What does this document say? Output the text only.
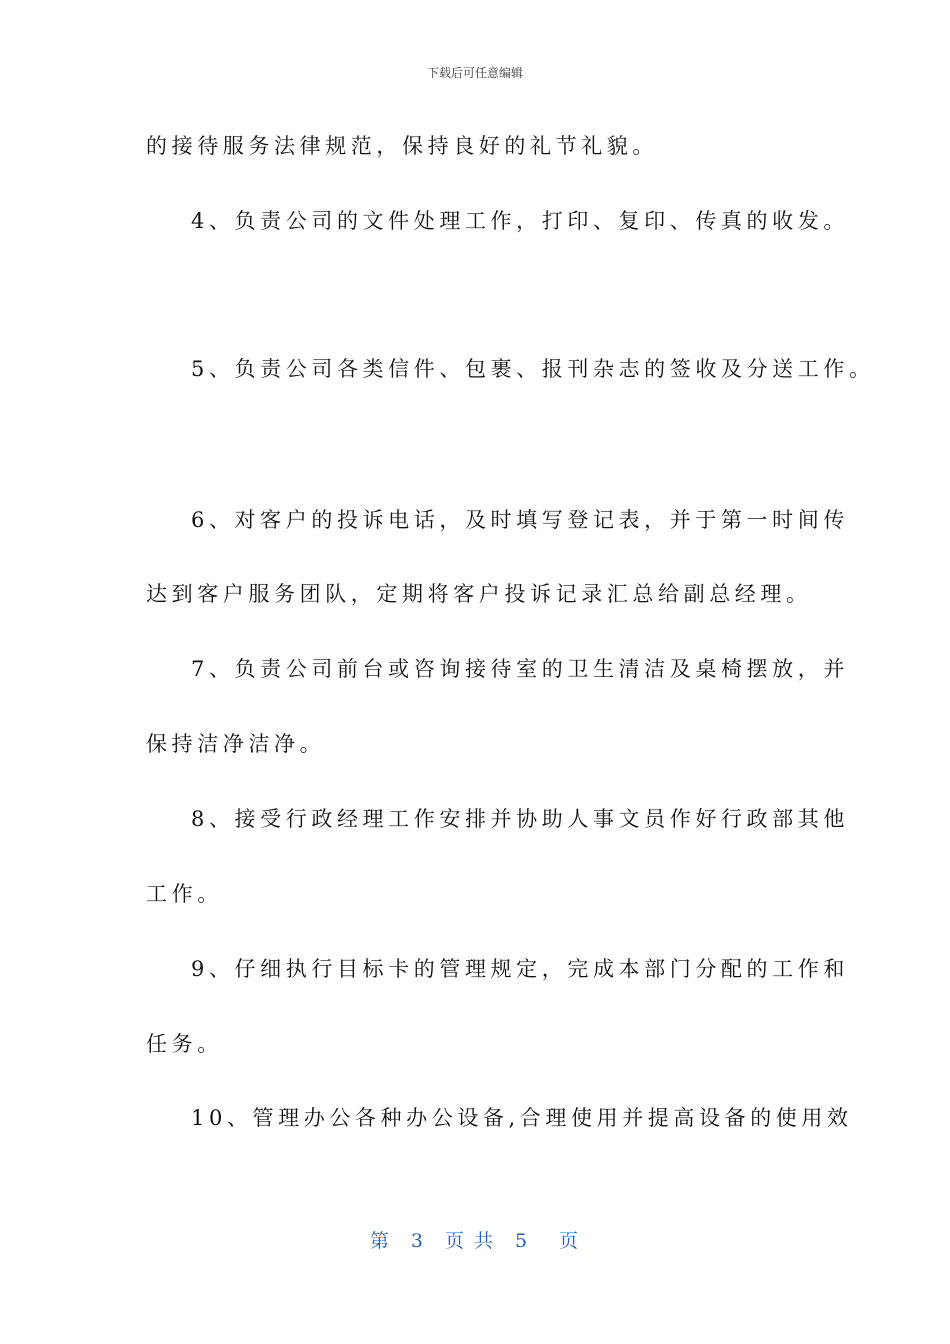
下载后可任意编辑
的接待服务法律规范，保持良好的礼节礼貌。
4、负责公司的文件处理工作，打印、复印、传真的收发。
5、负责公司各类信件、包裹、报刊杂志的签收及分送工作。
6、对客户的投诉电话，及时填写登记表，并于第一时间传
达到客户服务团队，定期将客户投诉记录汇总给副总经理。
7、负责公司前台或咨询接待室的卫生清洁及桌椅摆放，并
保持洁净洁净。
8、接受行政经理工作安排并协助人事文员作好行政部其他
工作。
9、仔细执行目标卡的管理规定，完成本部门分配的工作和
任务。
10、管理办公各种办公设备,合理使用并提高设备的使用效
第 3 页 共 5 页
